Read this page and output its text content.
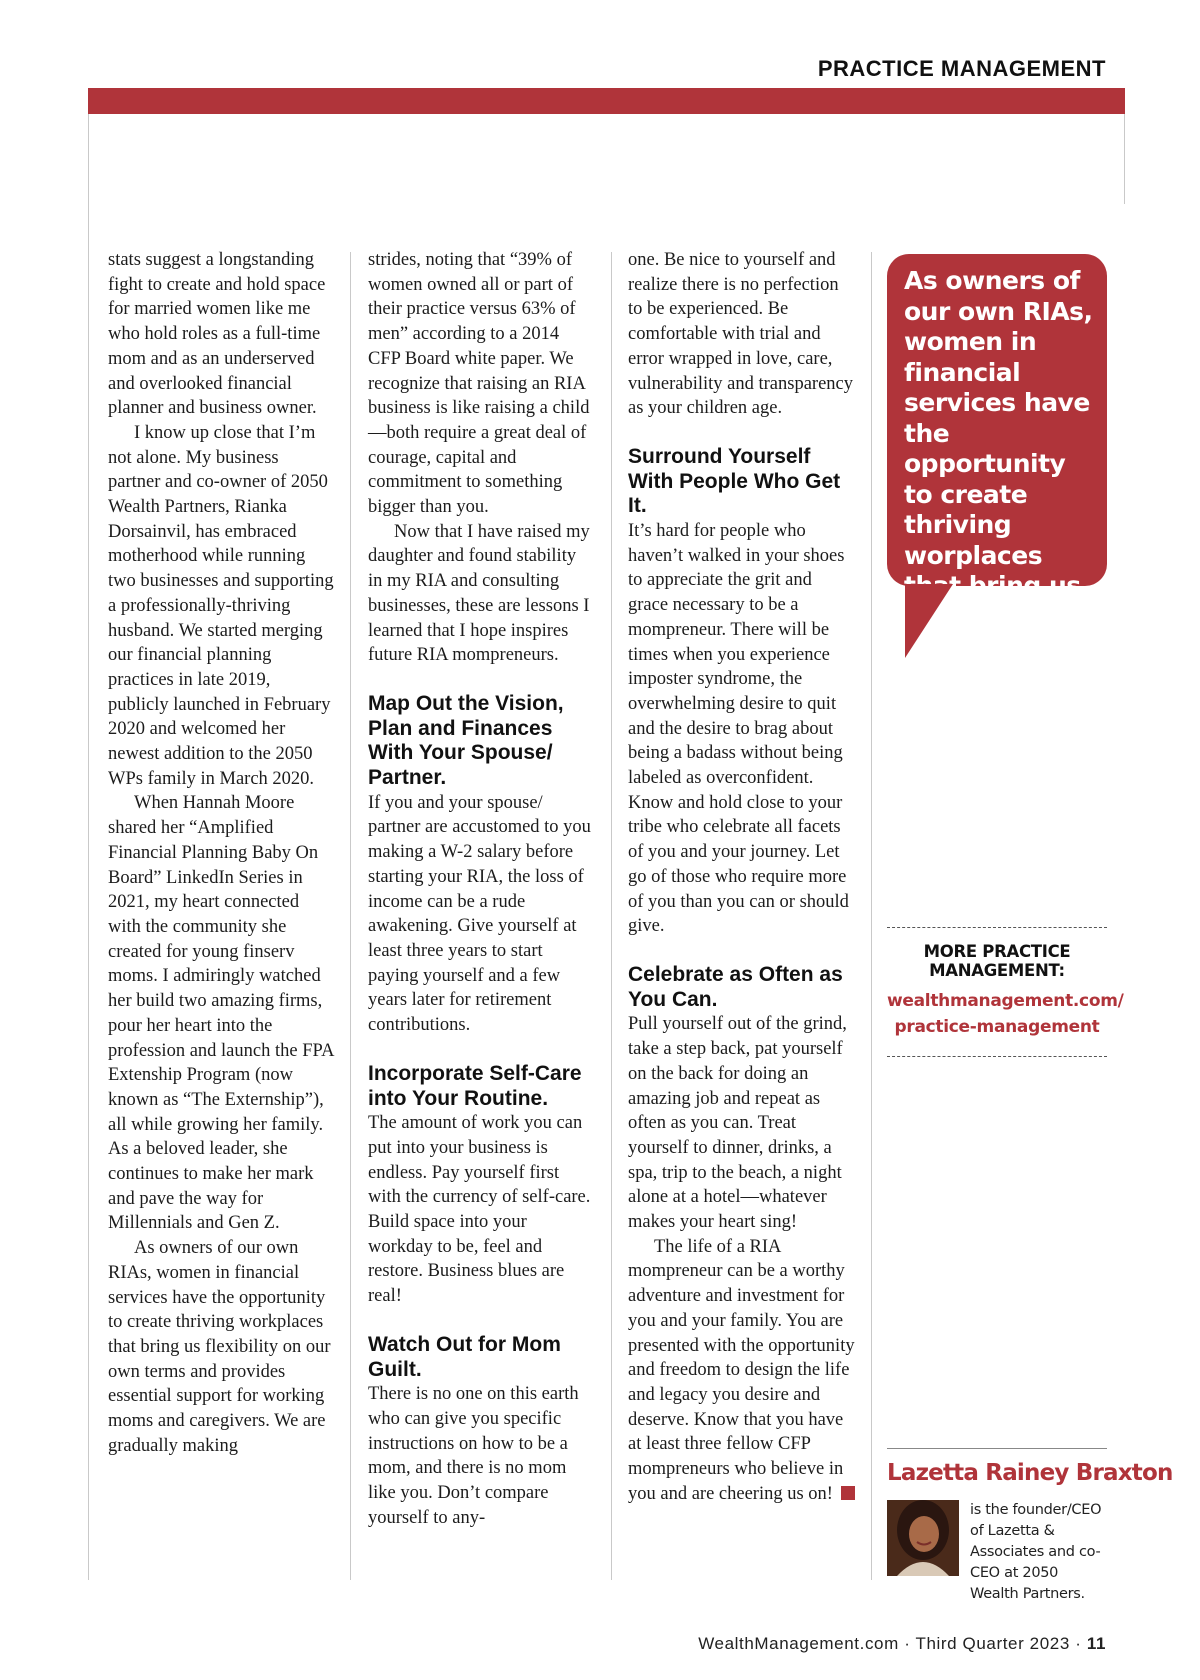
PRACTICE MANAGEMENT

stats suggest a longstanding fight to create and hold space for married women like me who hold roles as a full-time mom and as an underserved and overlooked financial planner and business owner.

I know up close that I’m not alone. My business partner and co-owner of 2050 Wealth Partners, Rianka Dorsainvil, has embraced motherhood while running two businesses and supporting a professionally-thriving husband. We started merging our financial planning practices in late 2019, publicly launched in February 2020 and welcomed her newest addition to the 2050 WPs family in March 2020.

When Hannah Moore shared her “Amplified Financial Planning Baby On Board” LinkedIn Series in 2021, my heart connected with the community she created for young finserv moms. I admiringly watched her build two amazing firms, pour her heart into the profession and launch the FPA Extenship Program (now known as “The Externship”), all while growing her family. As a beloved leader, she continues to make her mark and pave the way for Millennials and Gen Z.

As owners of our own RIAs, women in financial services have the opportunity to create thriving workplaces that bring us flexibility on our own terms and provides essential support for working moms and caregivers. We are gradually making

strides, noting that “39% of women owned all or part of their practice versus 63% of men” according to a 2014 CFP Board white paper. We recognize that raising an RIA business is like raising a child—both require a great deal of courage, capital and commitment to something bigger than you.

Now that I have raised my daughter and found stability in my RIA and consulting businesses, these are lessons I learned that I hope inspires future RIA mompreneurs.

Map Out the Vision, Plan and Finances With Your Spouse/ Partner.

If you and your spouse/ partner are accustomed to you making a W-2 salary before starting your RIA, the loss of income can be a rude awakening. Give yourself at least three years to start paying yourself and a few years later for retirement contributions.

Incorporate Self-Care into Your Routine.

The amount of work you can put into your business is endless. Pay yourself first with the currency of self-care. Build space into your workday to be, feel and restore. Business blues are real!

Watch Out for Mom Guilt.

There is no one on this earth who can give you specific instructions on how to be a mom, and there is no mom like you. Don’t compare yourself to any-

one. Be nice to yourself and realize there is no perfection to be experienced. Be comfortable with trial and error wrapped in love, care, vulnerability and transparency as your children age.

Surround Yourself With People Who Get It.

It’s hard for people who haven’t walked in your shoes to appreciate the grit and grace necessary to be a mompreneur. There will be times when you experience imposter syndrome, the overwhelming desire to quit and the desire to brag about being a badass without being labeled as overconfident. Know and hold close to your tribe who celebrate all facets of you and your journey. Let go of those who require more of you than you can or should give.

Celebrate as Often as You Can.

Pull yourself out of the grind, take a step back, pat yourself on the back for doing an amazing job and repeat as often as you can. Treat yourself to dinner, drinks, a spa, trip to the beach, a night alone at a hotel—whatever makes your heart sing!

The life of a RIA mompreneur can be a worthy adventure and investment for you and your family. You are presented with the opportunity and freedom to design the life and legacy you desire and deserve. Know that you have at least three fellow CFP mompreneurs who believe in you and are cheering us on!

As owners of our own RIAs, women in financial services have the opportunity to create thriving worplaces that bring us flexibility on our own terms.
MORE PRACTICE MANAGEMENT:
wealthmanagement.com/
practice-management
Lazetta Rainey Braxton
is the founder/CEO of Lazetta & Associates and co-CEO at 2050 Wealth Partners.
WealthManagement.com · Third Quarter 2023 · 11
